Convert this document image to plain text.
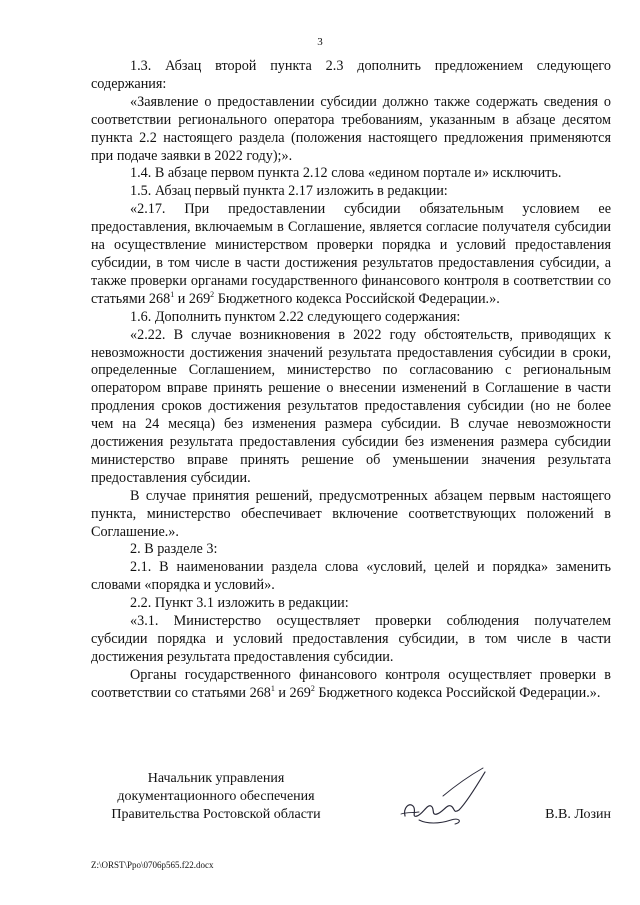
3

1.3. Абзац второй пункта 2.3 дополнить предложением следующего содержания:

«Заявление о предоставлении субсидии должно также содержать сведения о соответствии регионального оператора требованиям, указанным в абзаце десятом пункта 2.2 настоящего раздела (положения настоящего предложения применяются при подаче заявки в 2022 году);».

1.4. В абзаце первом пункта 2.12 слова «едином портале и» исключить.

1.5. Абзац первый пункта 2.17 изложить в редакции:

«2.17. При предоставлении субсидии обязательным условием ее предоставления, включаемым в Соглашение, является согласие получателя субсидии на осуществление министерством проверки порядка и условий предоставления субсидии, в том числе в части достижения результатов предоставления субсидии, а также проверки органами государственного финансового контроля в соответствии со статьями $268^1$ и $269^2$ Бюджетного кодекса Российской Федерации.».

1.6. Дополнить пунктом 2.22 следующего содержания:

«2.22. В случае возникновения в 2022 году обстоятельств, приводящих к невозможности достижения значений результата предоставления субсидии в сроки, определенные Соглашением, министерство по согласованию с региональным оператором вправе принять решение о внесении изменений в Соглашение в части продления сроков достижения результатов предоставления субсидии (но не более чем на 24 месяца) без изменения размера субсидии. В случае невозможности достижения результата предоставления субсидии без изменения размера субсидии министерство вправе принять решение об уменьшении значения результата предоставления субсидии.

В случае принятия решений, предусмотренных абзацем первым настоящего пункта, министерство обеспечивает включение соответствующих положений в Соглашение.».

2. В разделе 3:

2.1. В наименовании раздела слова «условий, целей и порядка» заменить словами «порядка и условий».

2.2. Пункт 3.1 изложить в редакции:

«3.1. Министерство осуществляет проверки соблюдения получателем субсидии порядка и условий предоставления субсидии, в том числе в части достижения результата предоставления субсидии.

Органы государственного финансового контроля осуществляет проверки в соответствии со статьями $268^1$ и $269^2$ Бюджетного кодекса Российской Федерации.».

Начальник управления
документационного обеспечения
Правительства Ростовской области	В.В. Лозин
Z:\ORST\Ppo\0706p565.f22.docx
